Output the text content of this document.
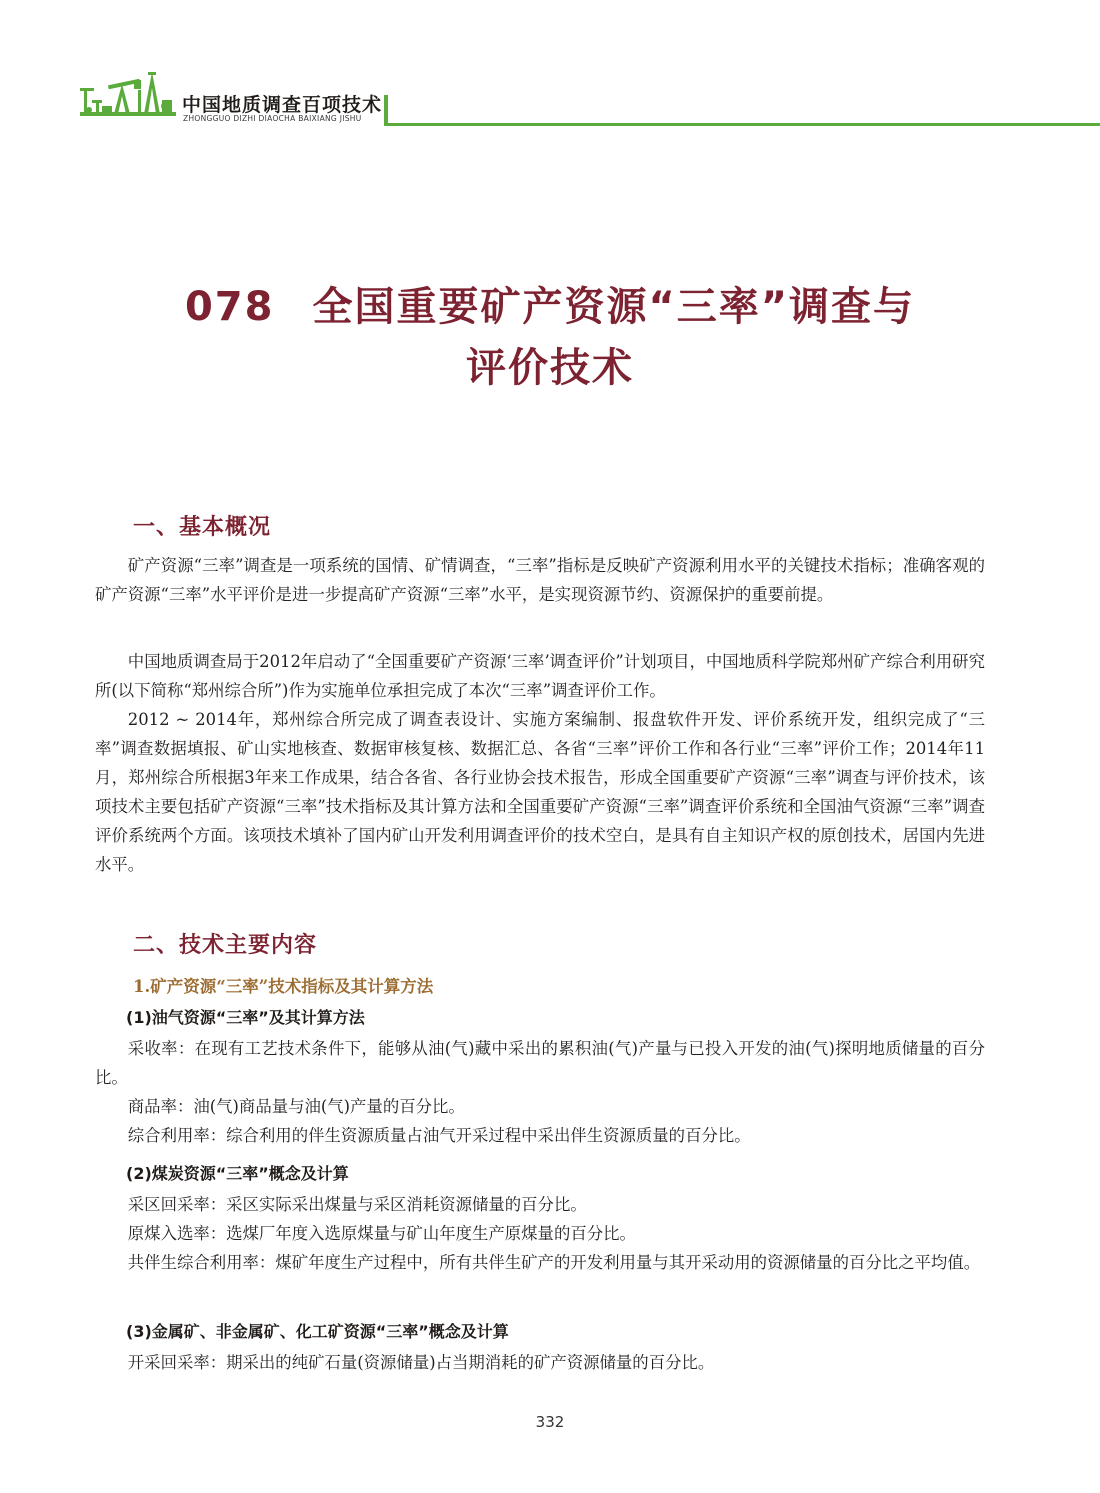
中国地质调查百项技术
ZHONGGUO DIZHI DIAOCHA BAIXIANG JISHU
078 全国重要矿产资源“三率”调查与
评价技术
一、基本概况

矿产资源“三率”调查是一项系统的国情、矿情调查，“三率”指标是反映矿产资源利用水平的关键技术指标；准确客观的矿产资源“三率”水平评价是进一步提高矿产资源“三率”水平，是实现资源节约、资源保护的重要前提。

中国地质调查局于2012年启动了“全国重要矿产资源‘三率’调查评价”计划项目，中国地质科学院郑州矿产综合利用研究所(以下简称“郑州综合所”)作为实施单位承担完成了本次“三率”调查评价工作。

2012 ~ 2014年，郑州综合所完成了调查表设计、实施方案编制、报盘软件开发、评价系统开发，组织完成了“三率”调查数据填报、矿山实地核查、数据审核复核、数据汇总、各省“三率”评价工作和各行业“三率”评价工作；2014年11月，郑州综合所根据3年来工作成果，结合各省、各行业协会技术报告，形成全国重要矿产资源“三率”调查与评价技术，该项技术主要包括矿产资源“三率”技术指标及其计算方法和全国重要矿产资源“三率”调查评价系统和全国油气资源“三率”调查评价系统两个方面。该项技术填补了国内矿山开发利用调查评价的技术空白，是具有自主知识产权的原创技术，居国内先进水平。

二、技术主要内容
1.矿产资源“三率”技术指标及其计算方法
(1)油气资源“三率”及其计算方法

采收率：在现有工艺技术条件下，能够从油(气)藏中采出的累积油(气)产量与已投入开发的油(气)探明地质储量的百分比。

商品率：油(气)商品量与油(气)产量的百分比。

综合利用率：综合利用的伴生资源质量占油气开采过程中采出伴生资源质量的百分比。

(2)煤炭资源“三率”概念及计算

采区回采率：采区实际采出煤量与采区消耗资源储量的百分比。

原煤入选率：选煤厂年度入选原煤量与矿山年度生产原煤量的百分比。

共伴生综合利用率：煤矿年度生产过程中，所有共伴生矿产的开发利用量与其开采动用的资源储量的百分比之平均值。

(3)金属矿、非金属矿、化工矿资源“三率”概念及计算

开采回采率：期采出的纯矿石量(资源储量)占当期消耗的矿产资源储量的百分比。

332
